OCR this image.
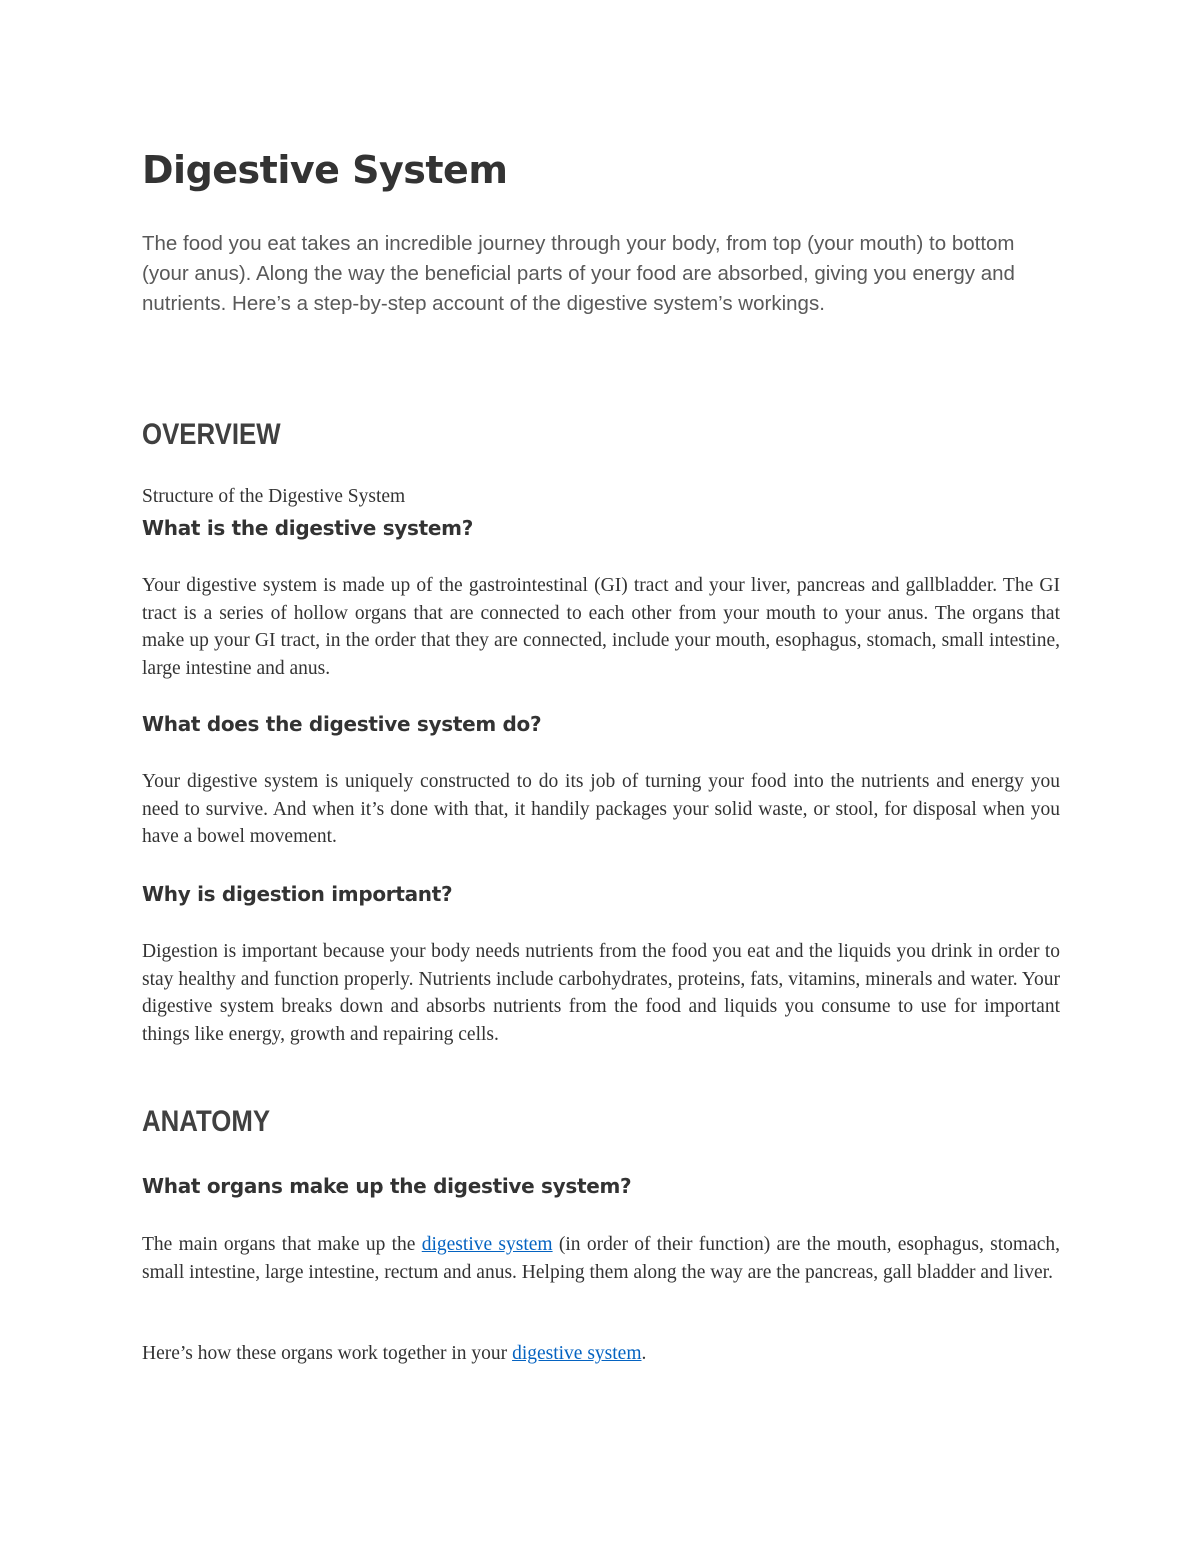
Digestive System

The food you eat takes an incredible journey through your body, from top (your mouth) to bottom (your anus). Along the way the beneficial parts of your food are absorbed, giving you energy and nutrients. Here’s a step-by-step account of the digestive system’s workings.

OVERVIEW

Structure of the Digestive System

What is the digestive system?

Your digestive system is made up of the gastrointestinal (GI) tract and your liver, pancreas and gallbladder. The GI tract is a series of hollow organs that are connected to each other from your mouth to your anus. The organs that make up your GI tract, in the order that they are connected, include your mouth, esophagus, stomach, small intestine, large intestine and anus.

What does the digestive system do?

Your digestive system is uniquely constructed to do its job of turning your food into the nutrients and energy you need to survive. And when it’s done with that, it handily packages your solid waste, or stool, for disposal when you have a bowel movement.

Why is digestion important?

Digestion is important because your body needs nutrients from the food you eat and the liquids you drink in order to stay healthy and function properly. Nutrients include carbohydrates, proteins, fats, vitamins, minerals and water. Your digestive system breaks down and absorbs nutrients from the food and liquids you consume to use for important things like energy, growth and repairing cells.

ANATOMY
What organs make up the digestive system?

The main organs that make up the digestive system (in order of their function) are the mouth, esophagus, stomach, small intestine, large intestine, rectum and anus. Helping them along the way are the pancreas, gall bladder and liver.

Here’s how these organs work together in your digestive system.
